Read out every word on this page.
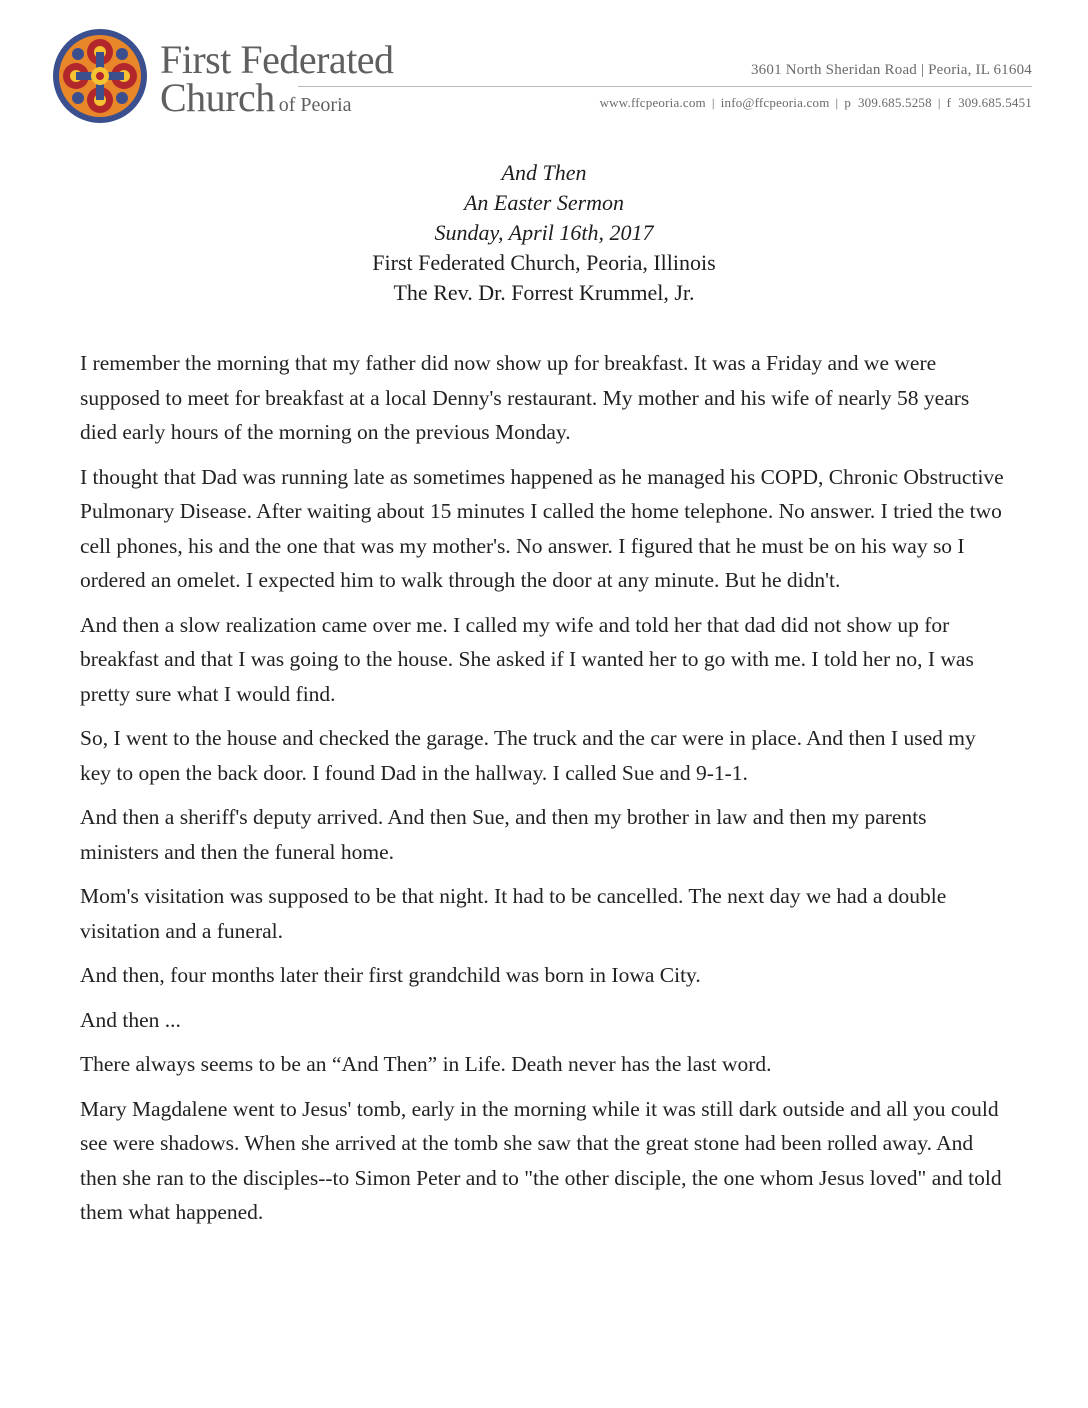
First Federated
Church of Peoria
3601 North Sheridan Road | Peoria, IL 61604
www.ffcpeoria.com | info@ffcpeoria.com | p 309.685.5258 | f 309.685.5451
And Then
An Easter Sermon
Sunday, April 16th, 2017
First Federated Church, Peoria, Illinois
The Rev. Dr. Forrest Krummel, Jr.

I remember the morning that my father did now show up for breakfast. It was a Friday and we were supposed to meet for breakfast at a local Denny's restaurant. My mother and his wife of nearly 58 years died early hours of the morning on the previous Monday.

I thought that Dad was running late as sometimes happened as he managed his COPD, Chronic Obstructive Pulmonary Disease. After waiting about 15 minutes I called the home telephone. No answer. I tried the two cell phones, his and the one that was my mother's. No answer. I figured that he must be on his way so I ordered an omelet. I expected him to walk through the door at any minute. But he didn't.

And then a slow realization came over me. I called my wife and told her that dad did not show up for breakfast and that I was going to the house. She asked if I wanted her to go with me. I told her no, I was pretty sure what I would find.

So, I went to the house and checked the garage. The truck and the car were in place. And then I used my key to open the back door. I found Dad in the hallway. I called Sue and 9-1-1.

And then a sheriff's deputy arrived. And then Sue, and then my brother in law and then my parents ministers and then the funeral home.

Mom's visitation was supposed to be that night. It had to be cancelled. The next day we had a double visitation and a funeral.

And then, four months later their first grandchild was born in Iowa City.

And then ...

There always seems to be an “And Then” in Life. Death never has the last word.

Mary Magdalene went to Jesus' tomb, early in the morning while it was still dark outside and all you could see were shadows. When she arrived at the tomb she saw that the great stone had been rolled away. And then she ran to the disciples--to Simon Peter and to "the other disciple, the one whom Jesus loved" and told them what happened.
